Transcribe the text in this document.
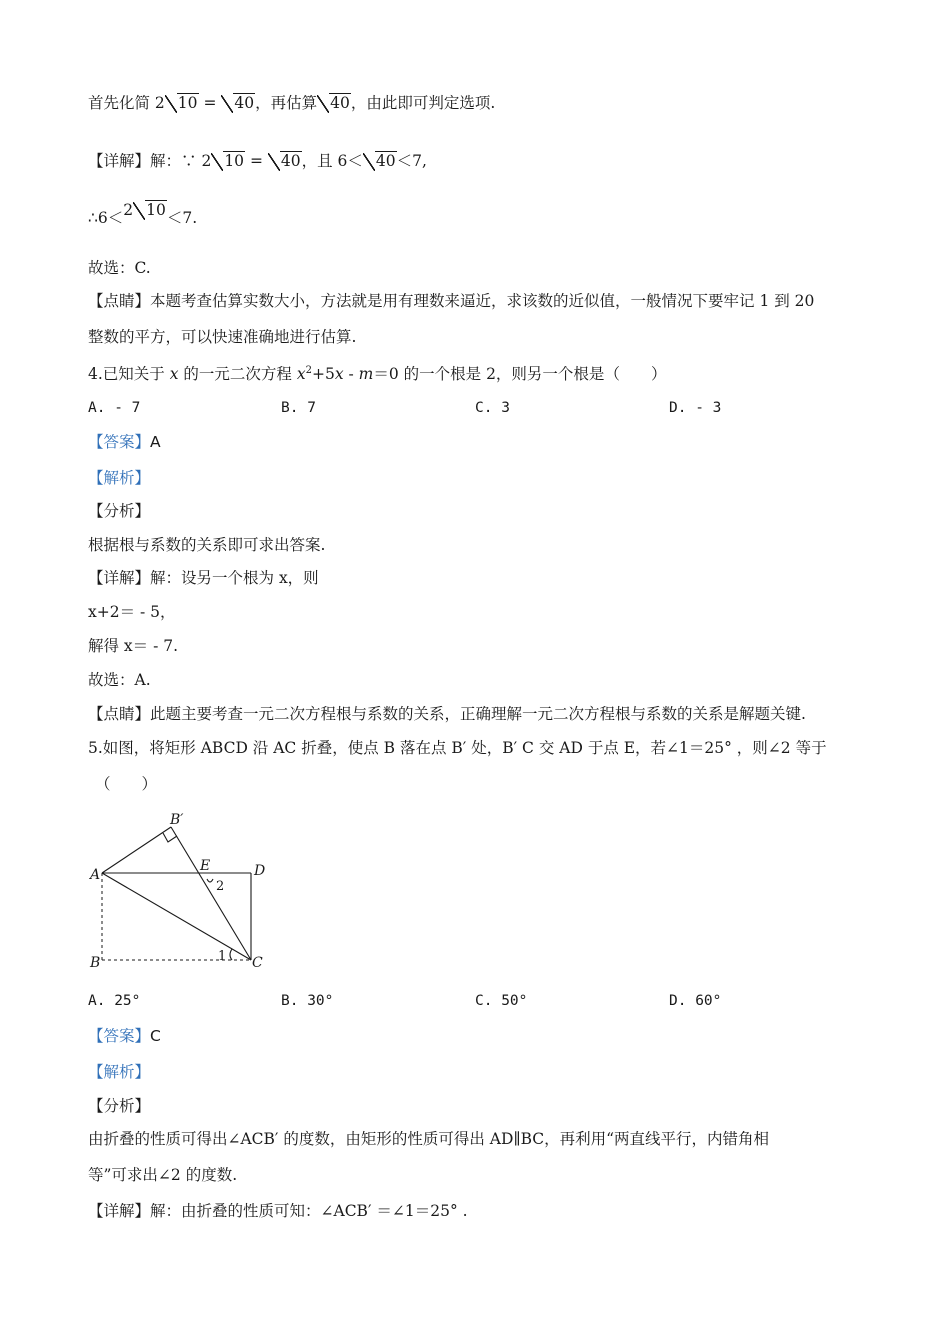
首先化简 2 10 = 40，再估算 40，由此即可判定选项.
【详解】解：∵ 2 10 = 40，且 6＜ 40＜7,
∴6＜2 10＜7.
故选：C.
【点睛】本题考查估算实数大小，方法就是用有理数来逼近，求该数的近似值，一般情况下要牢记 1 到 20
整数的平方，可以快速准确地进行估算.
4.已知关于 x 的一元二次方程 $x^2+5x - m=0$ 的一个根是 2，则另一个根是（　　）
A. - 7	B. 7	C. 3	D. - 3
【答案】A
【解析】
【分析】
根据根与系数的关系即可求出答案.
【详解】解：设另一个根为 x，则
x+2＝ - 5，
解得 x＝ - 7.
故选：A.
【点睛】此题主要考查一元二次方程根与系数的关系，正确理解一元二次方程根与系数的关系是解题关键.
5.如图，将矩形 ABCD 沿 AC 折叠，使点 B 落在点 B′ 处，B′ C 交 AD 于点 E，若∠1＝25° ，则∠2 等于
（　　）
A
B	C
D
E
B′
1
2
A. 25°	B. 30°	C. 50°	D. 60°
【答案】C
【解析】
【分析】
由折叠的性质可得出∠ACB′ 的度数，由矩形的性质可得出 AD∥BC，再利用“两直线平行，内错角相
等”可求出∠2 的度数.
【详解】解：由折叠的性质可知：∠ACB′ ＝∠1＝25° .
